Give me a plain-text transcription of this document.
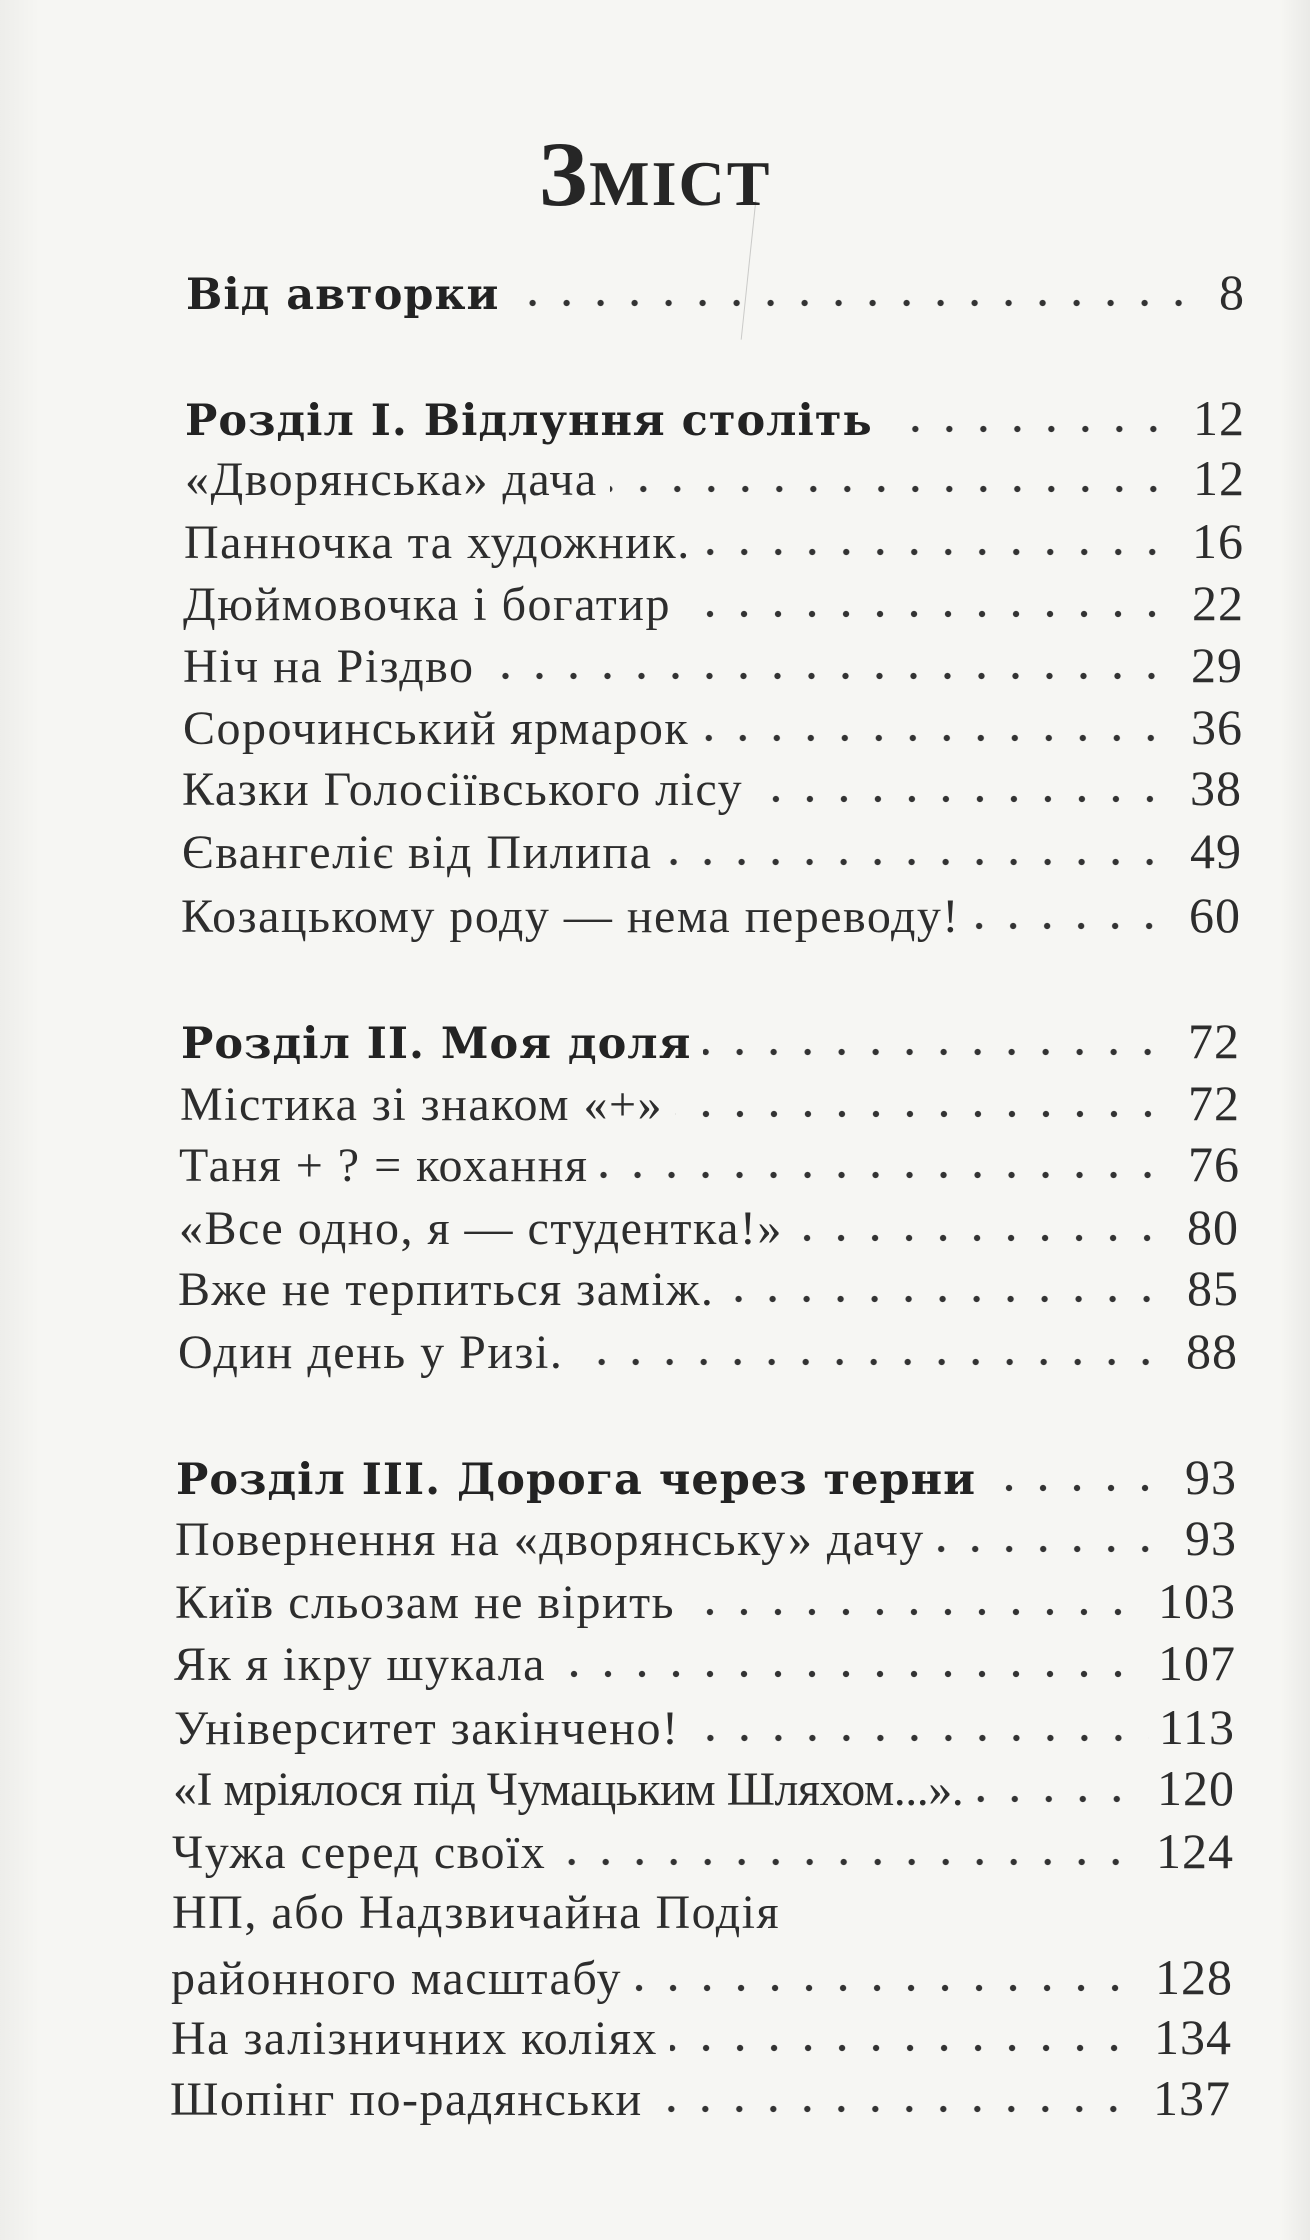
Зміст
Від авторки	8
Розділ I. Відлуння століть	12
«Дворянська» дача	12
Панночка та художник.	16
Дюймовочка і богатир	22
Ніч на Різдво	29
Сорочинський ярмарок	36
Казки Голосіївського лісу	38
Євангеліє від Пилипа	49
Козацькому роду — нема переводу!	60
Розділ II. Моя доля	72
Містика зі знаком «+»	72
Таня + ? = кохання	76
«Все одно, я — студентка!»	80
Вже не терпиться заміж.	85
Один день у Ризі.	88
Розділ III. Дорога через терни	93
Повернення на «дворянську» дачу	93
Київ сльозам не вірить	103
Як я ікру шукала	107
Університет закінчено!	113
«І мріялося під Чумацьким Шляхом...».	120
Чужа серед своїх	124
НП, або Надзвичайна Подія
районного масштабу	128
На залізничних коліях	134
Шопінг по-радянськи	137
